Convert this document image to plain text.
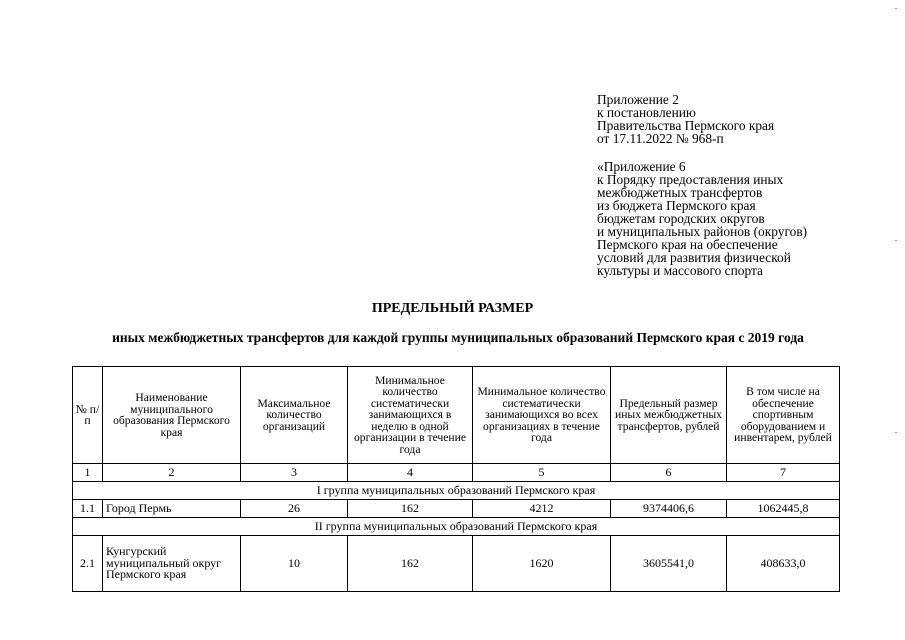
Приложение 2
к постановлению
Правительства Пермского края
от 17.11.2022 № 968-п
«Приложение 6
к Порядку предоставления иных
межбюджетных трансфертов
из бюджета Пермского края
бюджетам городских округов
и муниципальных районов (округов)
Пермского края на обеспечение
условий для развития физической
культуры и массового спорта
ПРЕДЕЛЬНЫЙ РАЗМЕР
иных межбюджетных трансфертов для каждой группы муниципальных образований Пермского края с 2019 года
№ п/п	Наименование муниципального образования Пермского края	Максимальное количество организаций	Минимальное количество систематически занимающихся в неделю в одной организации в течение года	Минимальное количество систематически занимающихся во всех организациях в течение года	Предельный размер иных межбюджетных трансфертов, рублей	В том числе на обеспечение спортивным оборудованием и инвентарем, рублей
1	2	3	4	5	6	7
I группа муниципальных образований Пермского края						
1.1	Город Пермь	26	162	4212	9374406,6	1062445,8
II группа муниципальных образований Пермского края						
2.1	Кунгурский муниципальный округ Пермского края	10	162	1620	3605541,0	408633,0
